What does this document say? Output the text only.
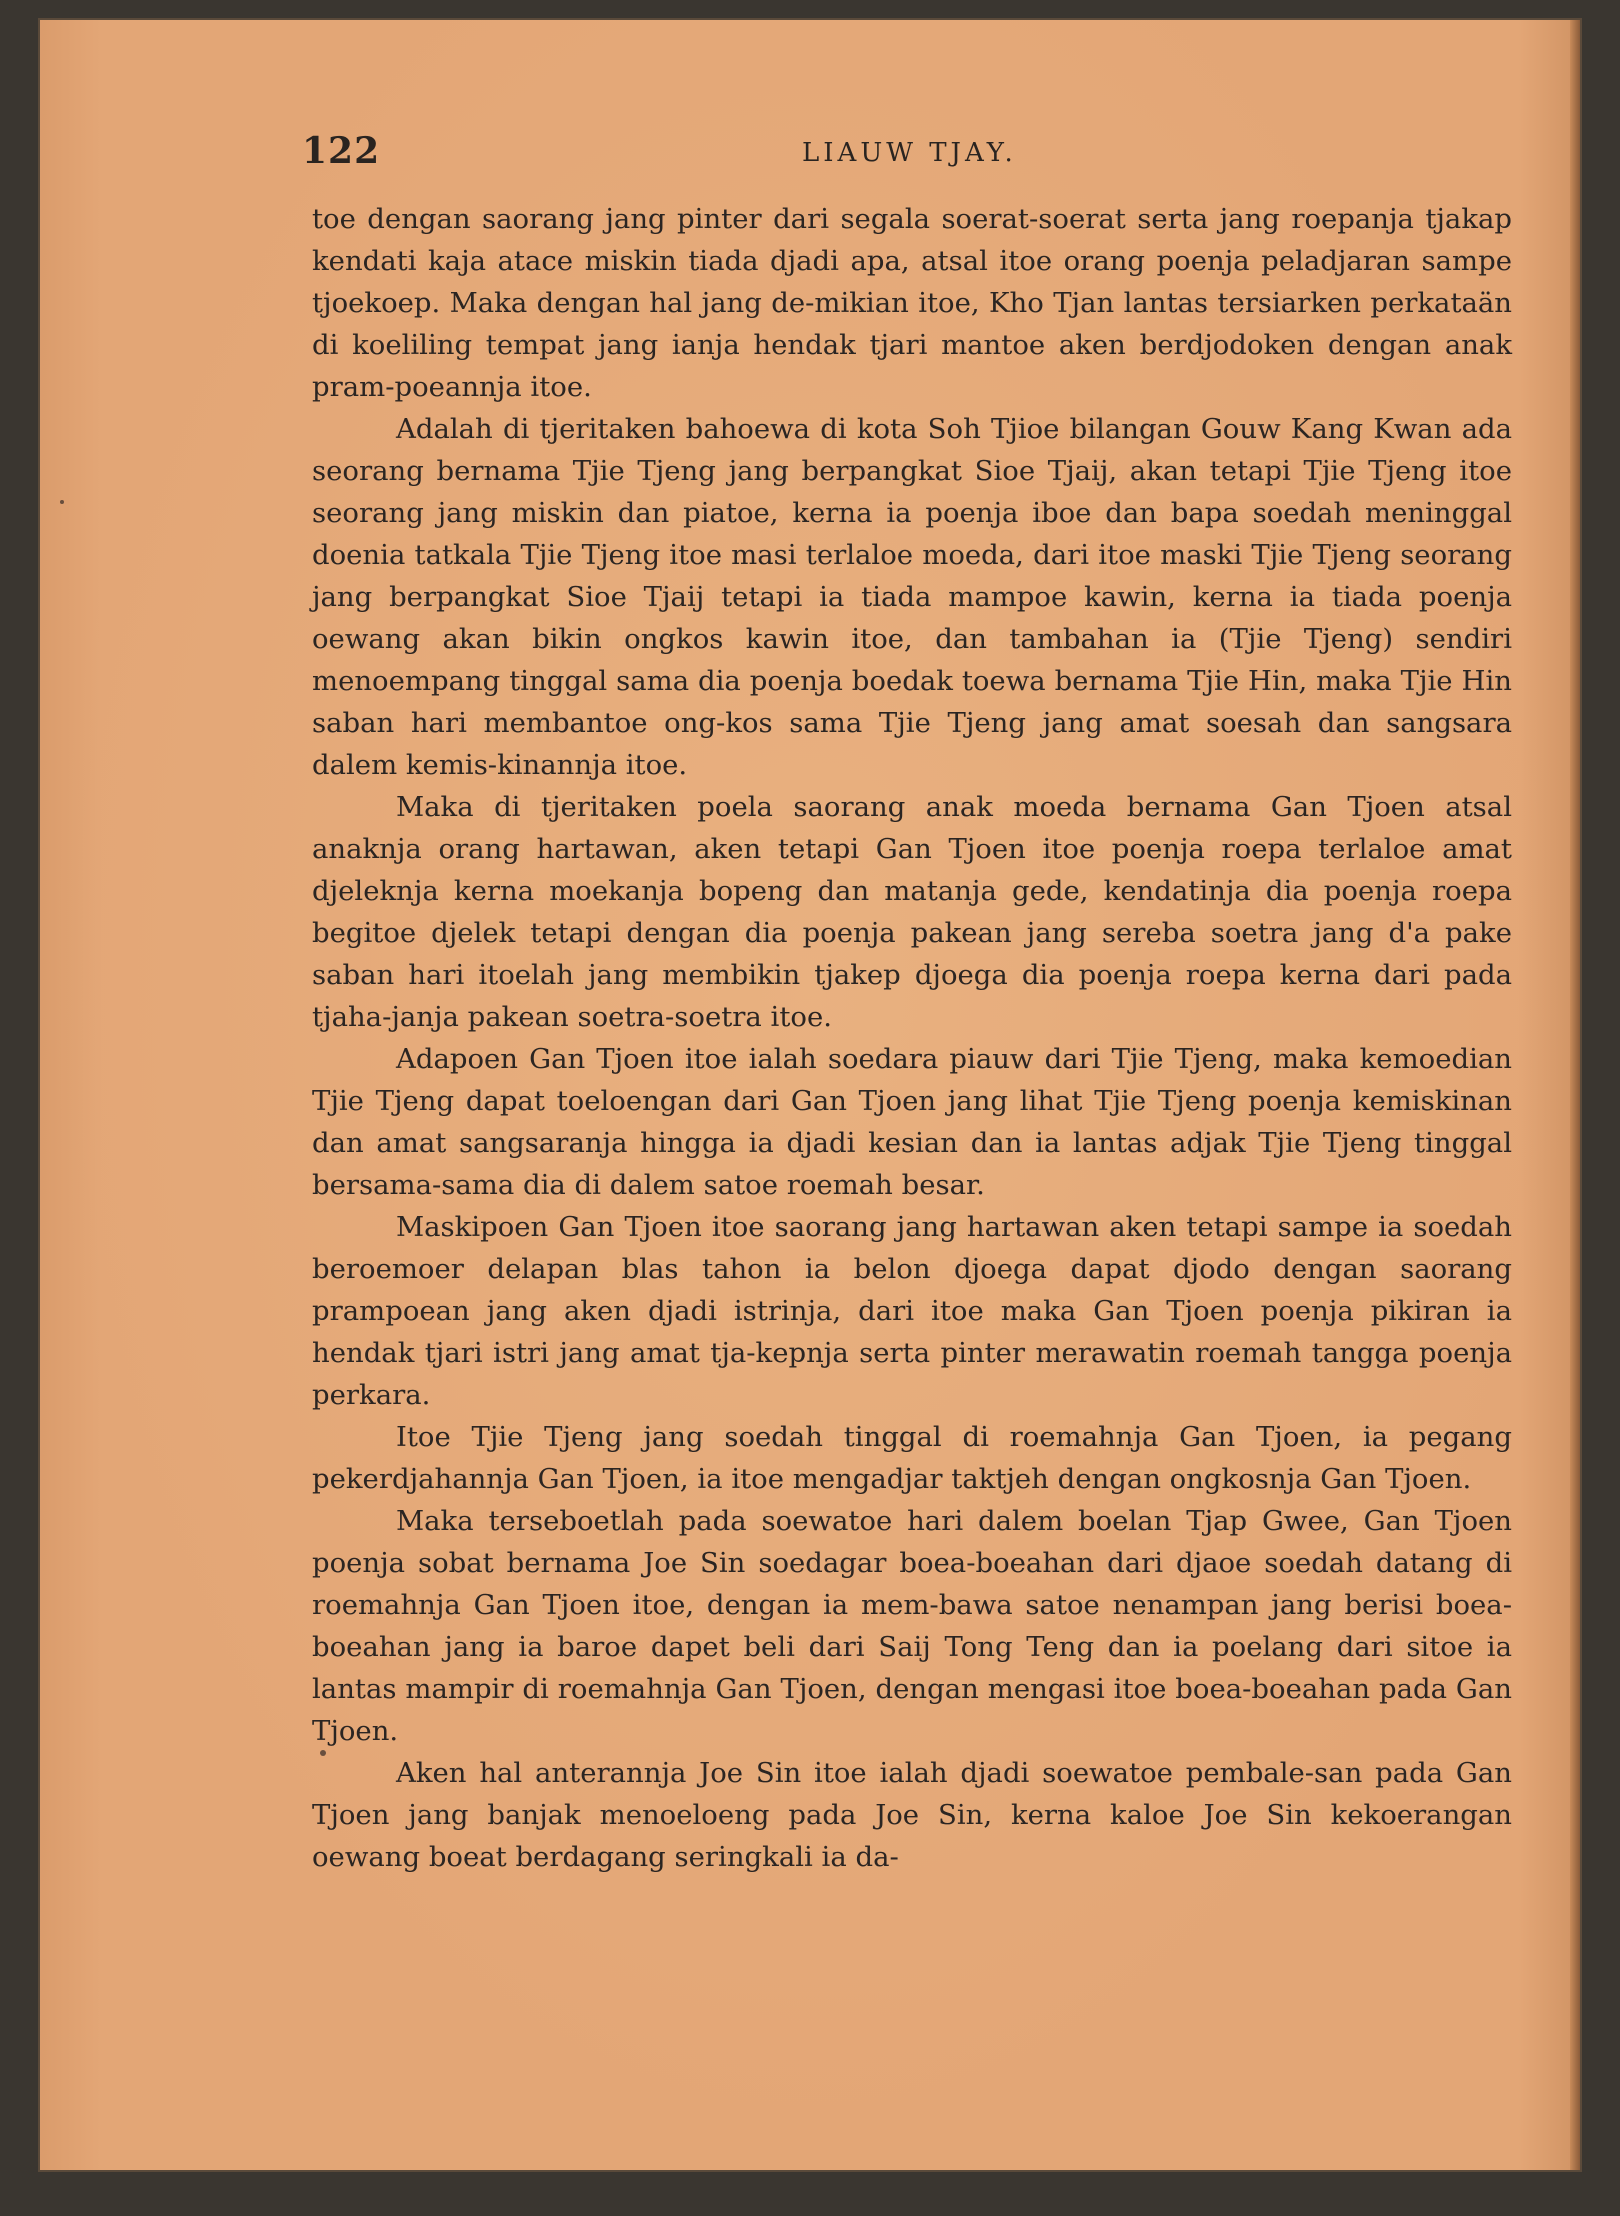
122	LIAUW TJAY.

toe dengan saorang jang pinter dari segala soerat-soerat serta jang roepanja tjakap kendati kaja atace miskin tiada djadi apa, atsal itoe orang poenja peladjaran sampe tjoekoep. Maka dengan hal jang de-mikian itoe, Kho Tjan lantas tersiarken perkataän di koeliling tempat jang ianja hendak tjari mantoe aken berdjodoken dengan anak pram-poeannja itoe.

Adalah di tjeritaken bahoewa di kota Soh Tjioe bilangan Gouw Kang Kwan ada seorang bernama Tjie Tjeng jang berpangkat Sioe Tjaij, akan tetapi Tjie Tjeng itoe seorang jang miskin dan piatoe, kerna ia poenja iboe dan bapa soedah meninggal doenia tatkala Tjie Tjeng itoe masi terlaloe moeda, dari itoe maski Tjie Tjeng seorang jang berpangkat Sioe Tjaij tetapi ia tiada mampoe kawin, kerna ia tiada poenja oewang akan bikin ongkos kawin itoe, dan tambahan ia (Tjie Tjeng) sendiri menoempang tinggal sama dia poenja boedak toewa bernama Tjie Hin, maka Tjie Hin saban hari membantoe ong-kos sama Tjie Tjeng jang amat soesah dan sangsara dalem kemis-kinannja itoe.

Maka di tjeritaken poela saorang anak moeda bernama Gan Tjoen atsal anaknja orang hartawan, aken tetapi Gan Tjoen itoe poenja roepa terlaloe amat djeleknja kerna moekanja bopeng dan matanja gede, kendatinja dia poenja roepa begitoe djelek tetapi dengan dia poenja pakean jang sereba soetra jang d'a pake saban hari itoelah jang membikin tjakep djoega dia poenja roepa kerna dari pada tjaha-janja pakean soetra-soetra itoe.

Adapoen Gan Tjoen itoe ialah soedara piauw dari Tjie Tjeng, maka kemoedian Tjie Tjeng dapat toeloengan dari Gan Tjoen jang lihat Tjie Tjeng poenja kemiskinan dan amat sangsaranja hingga ia djadi kesian dan ia lantas adjak Tjie Tjeng tinggal bersama-sama dia di dalem satoe roemah besar.

Maskipoen Gan Tjoen itoe saorang jang hartawan aken tetapi sampe ia soedah beroemoer delapan blas tahon ia belon djoega dapat djodo dengan saorang prampoean jang aken djadi istrinja, dari itoe maka Gan Tjoen poenja pikiran ia hendak tjari istri jang amat tja-kepnja serta pinter merawatin roemah tangga poenja perkara.

Itoe Tjie Tjeng jang soedah tinggal di roemahnja Gan Tjoen, ia pegang pekerdjahannja Gan Tjoen, ia itoe mengadjar taktjeh dengan ongkosnja Gan Tjoen.

Maka terseboetlah pada soewatoe hari dalem boelan Tjap Gwee, Gan Tjoen poenja sobat bernama Joe Sin soedagar boea-boeahan dari djaoe soedah datang di roemahnja Gan Tjoen itoe, dengan ia mem-bawa satoe nenampan jang berisi boea-boeahan jang ia baroe dapet beli dari Saij Tong Teng dan ia poelang dari sitoe ia lantas mampir di roemahnja Gan Tjoen, dengan mengasi itoe boea-boeahan pada Gan Tjoen.

Aken hal anterannja Joe Sin itoe ialah djadi soewatoe pembale-san pada Gan Tjoen jang banjak menoeloeng pada Joe Sin, kerna kaloe Joe Sin kekoerangan oewang boeat berdagang seringkali ia da-
